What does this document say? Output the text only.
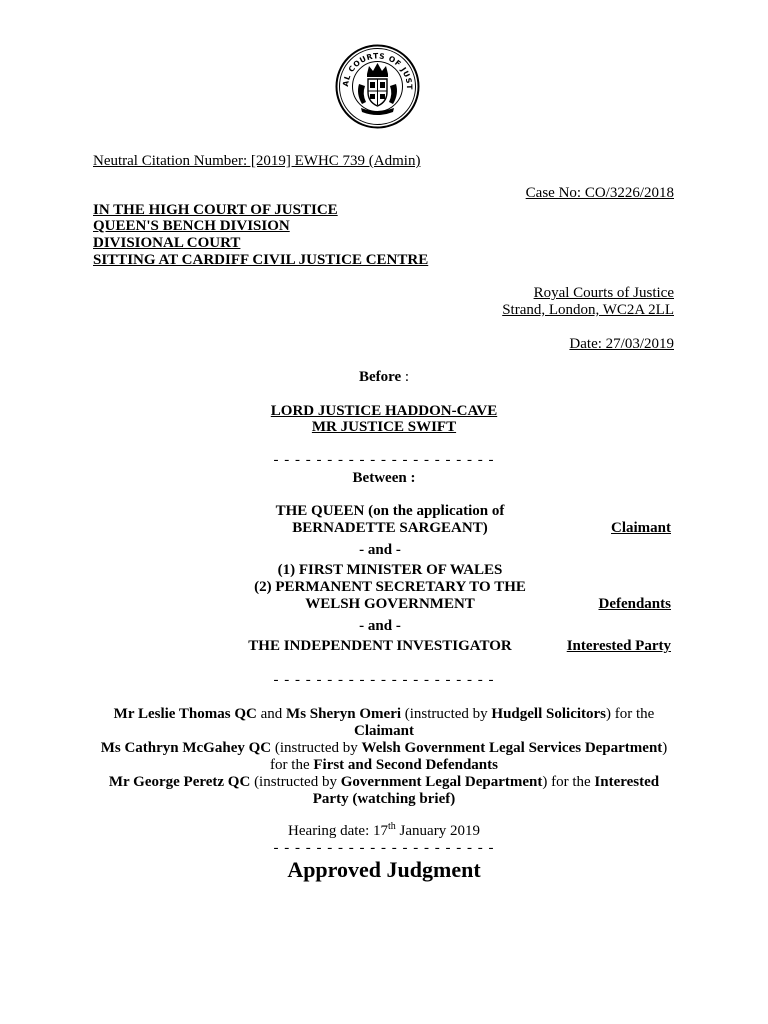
AL COURTS OF JUST
Neutral Citation Number: [2019] EWHC 739 (Admin)
Case No: CO/3226/2018
IN THE HIGH COURT OF JUSTICE
QUEEN'S BENCH DIVISION
DIVISIONAL COURT
SITTING AT CARDIFF CIVIL JUSTICE CENTRE
Royal Courts of Justice
Strand, London, WC2A 2LL
Date: 27/03/2019
Before :
LORD JUSTICE HADDON-CAVE
MR JUSTICE SWIFT
- - - - - - - - - - - - - - - - - - - - -
Between :
THE QUEEN (on the application of
BERNADETTE SARGEANT)	Claimant
- and -
(1) FIRST MINISTER OF WALES
(2) PERMANENT SECRETARY TO THE
WELSH GOVERNMENT	Defendants
- and -
THE INDEPENDENT INVESTIGATOR	Interested Party
- - - - - - - - - - - - - - - - - - - - -
Mr Leslie Thomas QC and Ms Sheryn Omeri (instructed by Hudgell Solicitors) for the
Claimant
Ms Cathryn McGahey QC (instructed by Welsh Government Legal Services Department)
for the First and Second Defendants
Mr George Peretz QC (instructed by Government Legal Department) for the Interested
Party (watching brief)
Hearing date: 17th January 2019
- - - - - - - - - - - - - - - - - - - - -
Approved Judgment
